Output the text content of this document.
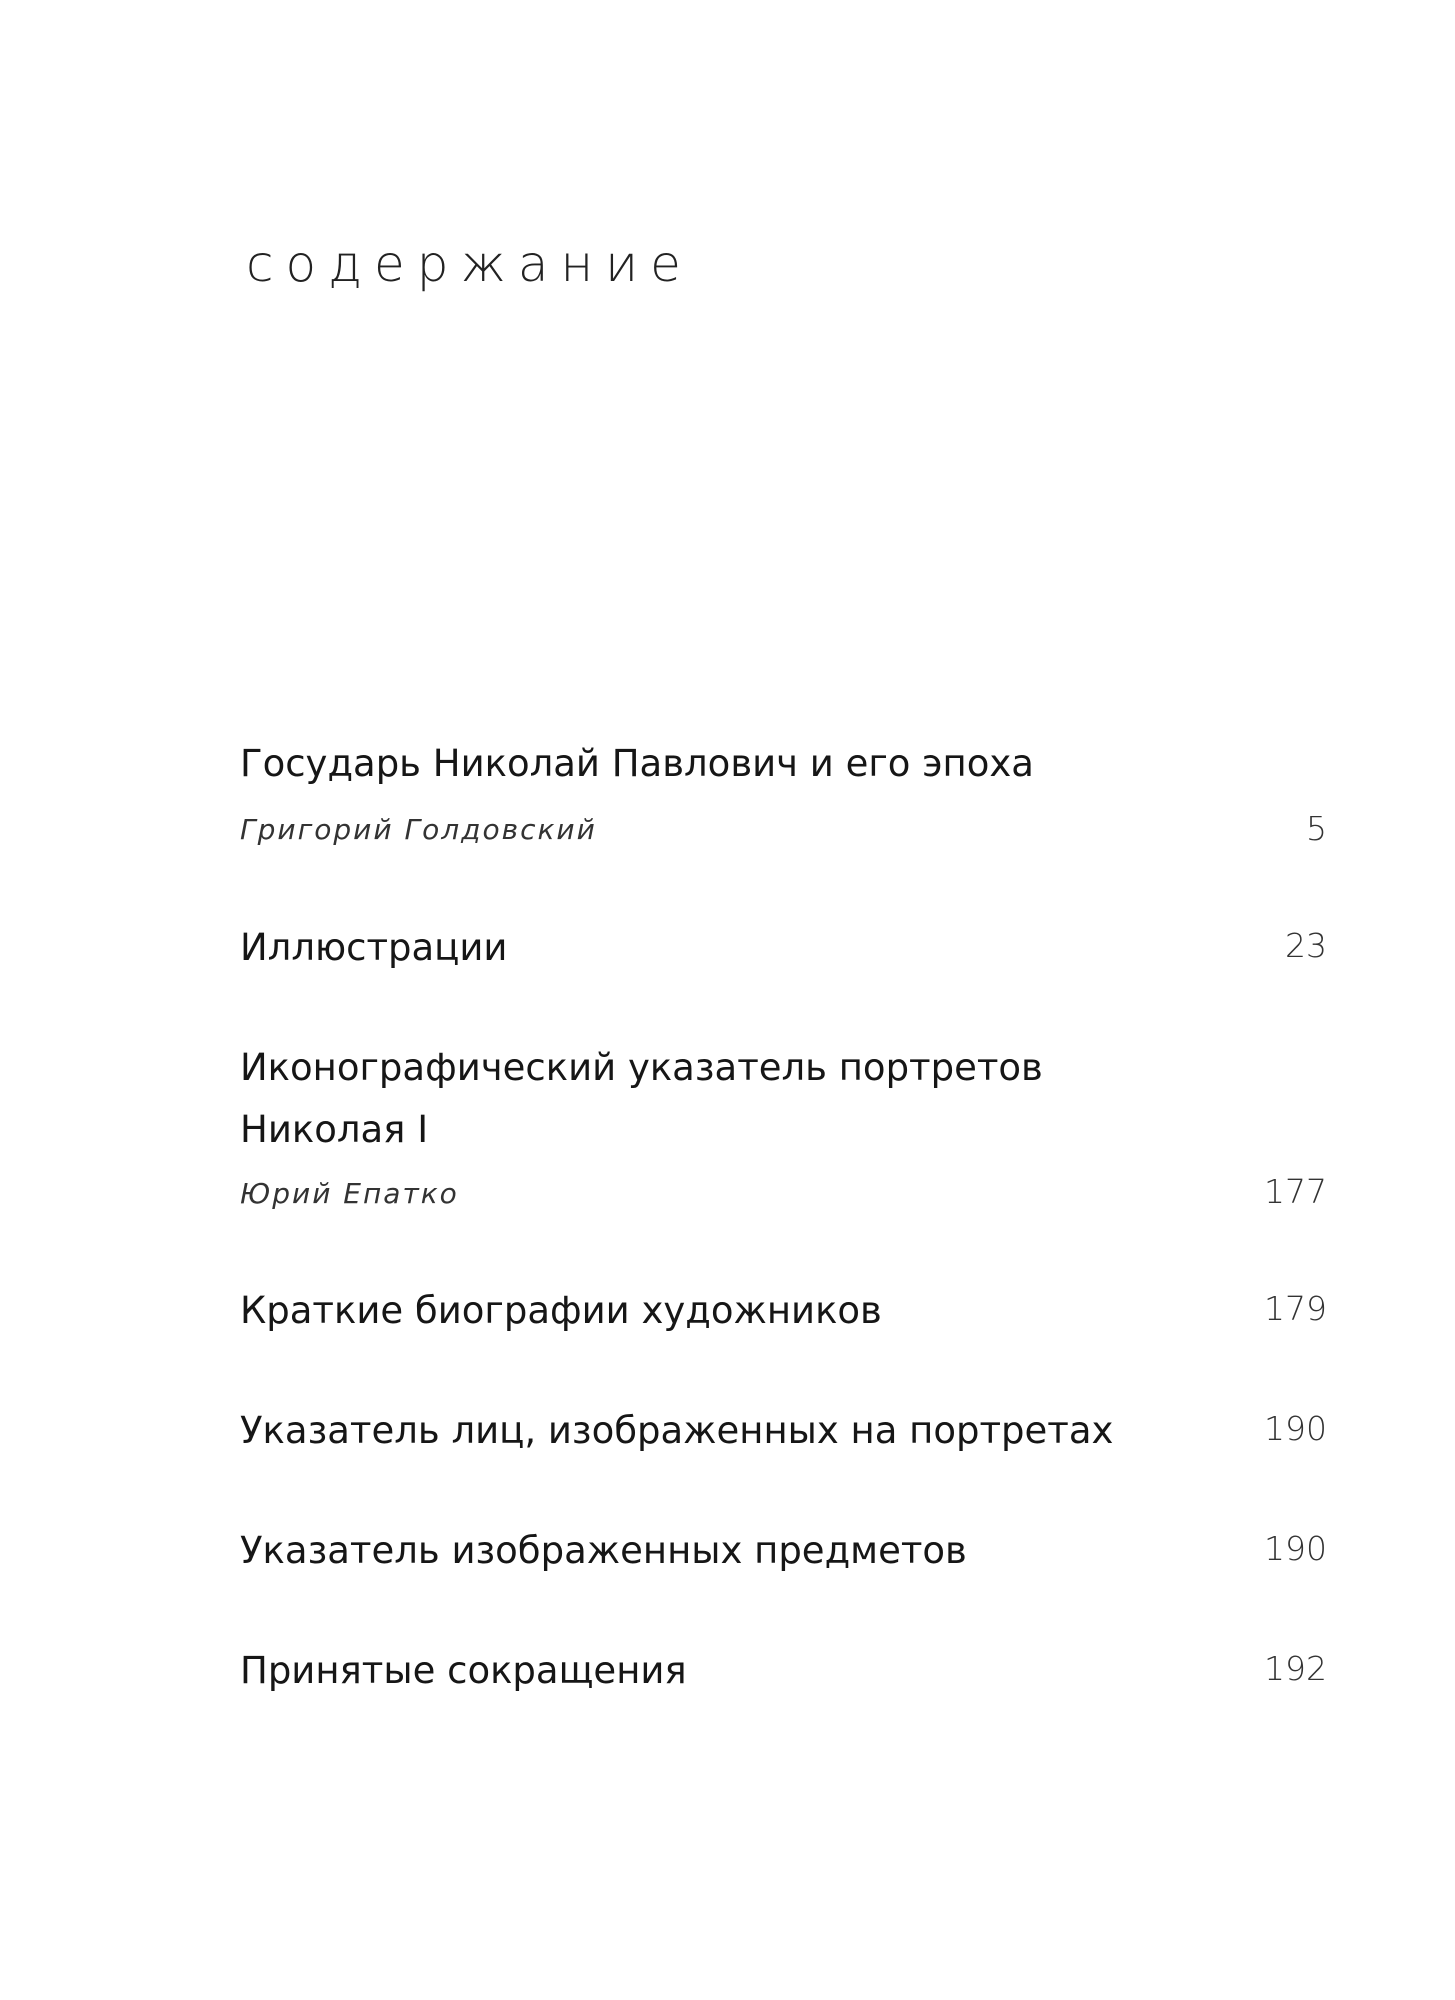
содержание
Государь Николай Павлович и его эпоха
Григорий Голдовский	5
Иллюстрации	23
Иконографический указатель портретов
Николая I
Юрий Епатко	177
Краткие биографии художников	179
Указатель лиц, изображенных на портретах	190
Указатель изображенных предметов	190
Принятые сокращения	192
